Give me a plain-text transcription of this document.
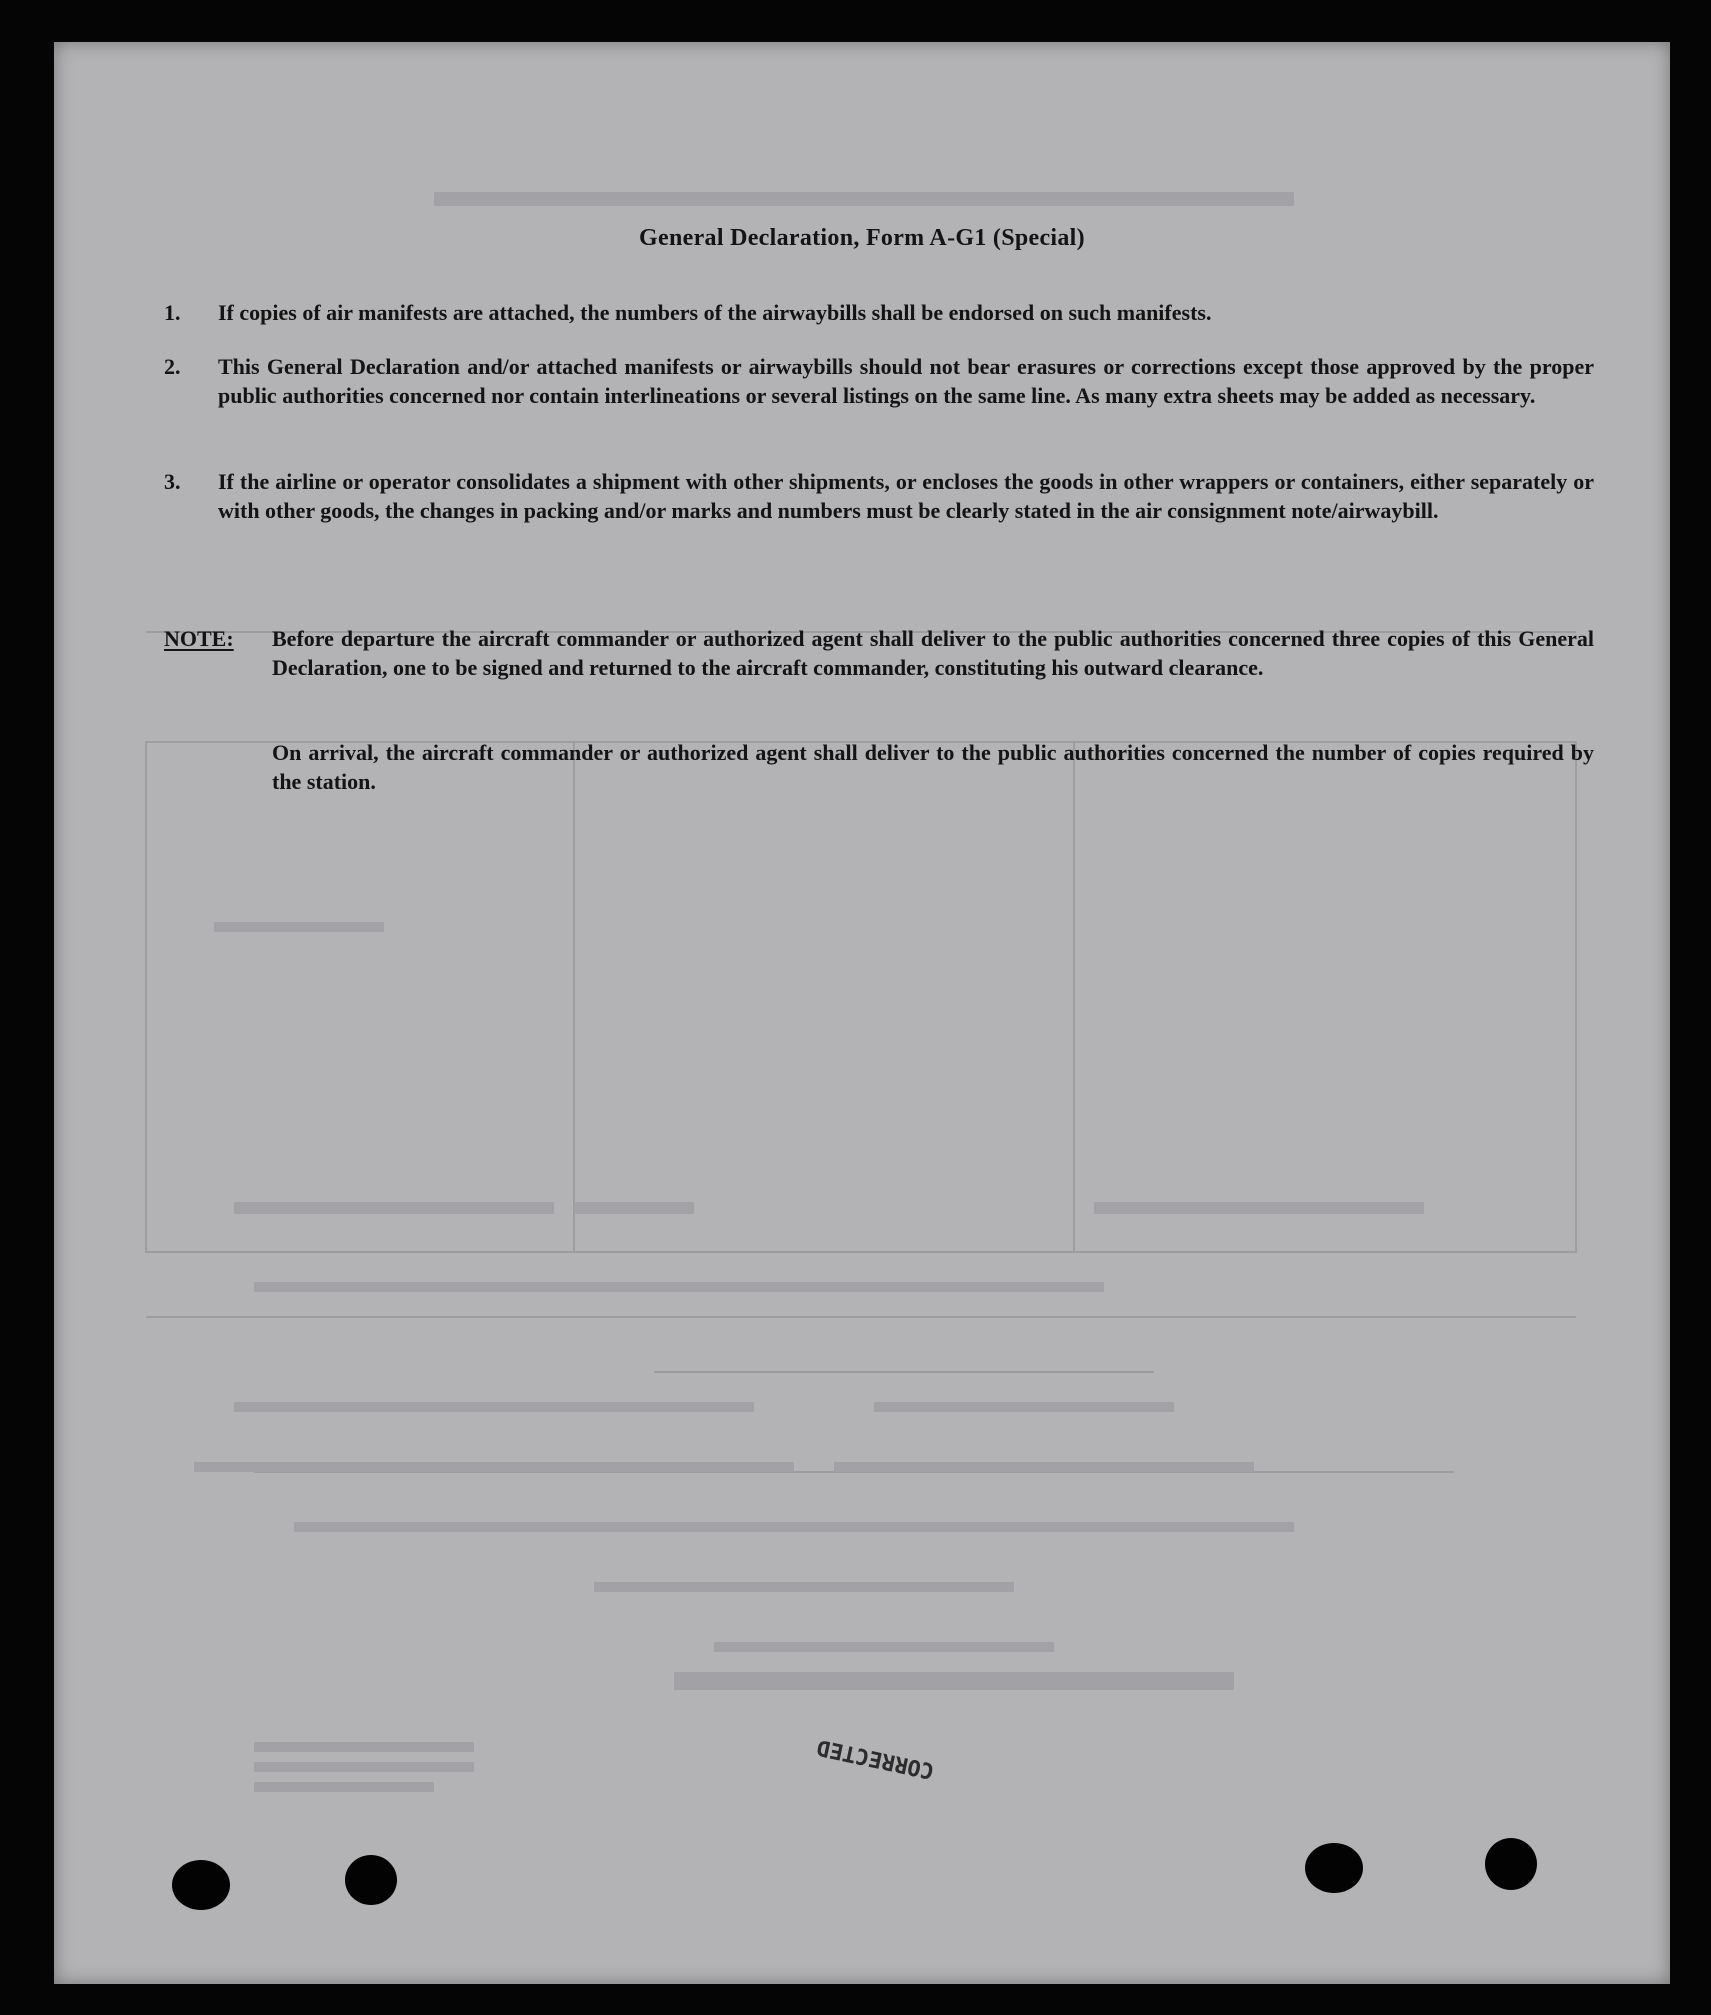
General Declaration, Form A-G1 (Special)
1. If copies of air manifests are attached, the numbers of the airwaybills shall be endorsed on such manifests.
2. This General Declaration and/or attached manifests or airwaybills should not bear erasures or corrections except those approved by the proper public authorities concerned nor contain interlineations or several listings on the same line. As many extra sheets may be added as necessary.
3. If the airline or operator consolidates a shipment with other shipments, or encloses the goods in other wrappers or containers, either separately or with other goods, the changes in packing and/or marks and numbers must be clearly stated in the air consignment note/airwaybill.
NOTE: Before departure the aircraft commander or authorized agent shall deliver to the public authorities concerned three copies of this General Declaration, one to be signed and returned to the aircraft commander, constituting his outward clearance.
On arrival, the aircraft commander or authorized agent shall deliver to the public authorities concerned the number of copies required by the station.
CORRECTED
